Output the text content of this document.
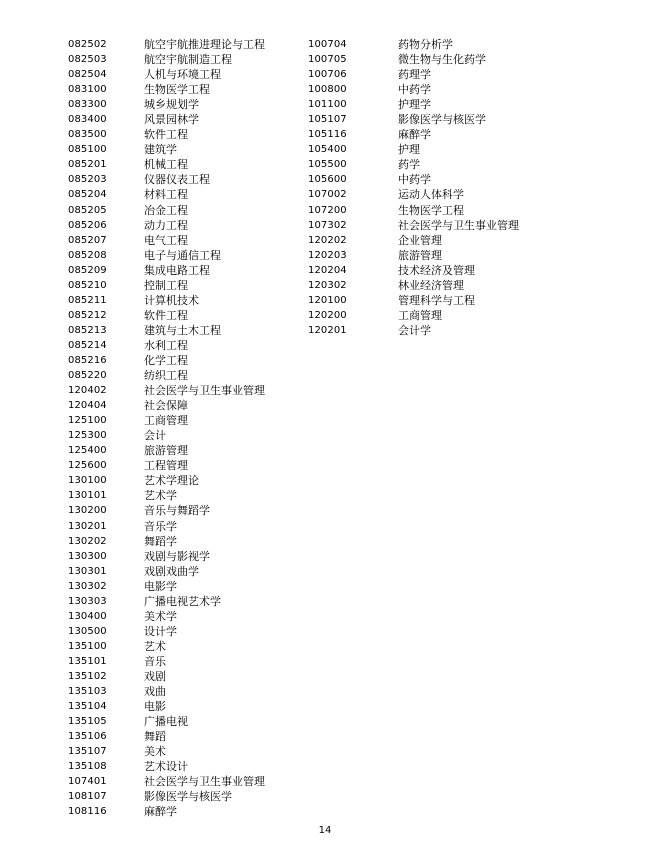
082502	航空宇航推进理论与工程
082503	航空宇航制造工程
082504	人机与环境工程
083100	生物医学工程
083300	城乡规划学
083400	风景园林学
083500	软件工程
085100	建筑学
085201	机械工程
085203	仪器仪表工程
085204	材料工程
085205	冶金工程
085206	动力工程
085207	电气工程
085208	电子与通信工程
085209	集成电路工程
085210	控制工程
085211	计算机技术
085212	软件工程
085213	建筑与土木工程
085214	水利工程
085216	化学工程
085220	纺织工程
120402	社会医学与卫生事业管理
120404	社会保障
125100	工商管理
125300	会计
125400	旅游管理
125600	工程管理
130100	艺术学理论
130101	艺术学
130200	音乐与舞蹈学
130201	音乐学
130202	舞蹈学
130300	戏剧与影视学
130301	戏剧戏曲学
130302	电影学
130303	广播电视艺术学
130400	美术学
130500	设计学
135100	艺术
135101	音乐
135102	戏剧
135103	戏曲
135104	电影
135105	广播电视
135106	舞蹈
135107	美术
135108	艺术设计
107401	社会医学与卫生事业管理
108107	影像医学与核医学
108116	麻醉学
100704	药物分析学
100705	微生物与生化药学
100706	药理学
100800	中药学
101100	护理学
105107	影像医学与核医学
105116	麻醉学
105400	护理
105500	药学
105600	中药学
107002	运动人体科学
107200	生物医学工程
107302	社会医学与卫生事业管理
120202	企业管理
120203	旅游管理
120204	技术经济及管理
120302	林业经济管理
120100	管理科学与工程
120200	工商管理
120201	会计学
14
